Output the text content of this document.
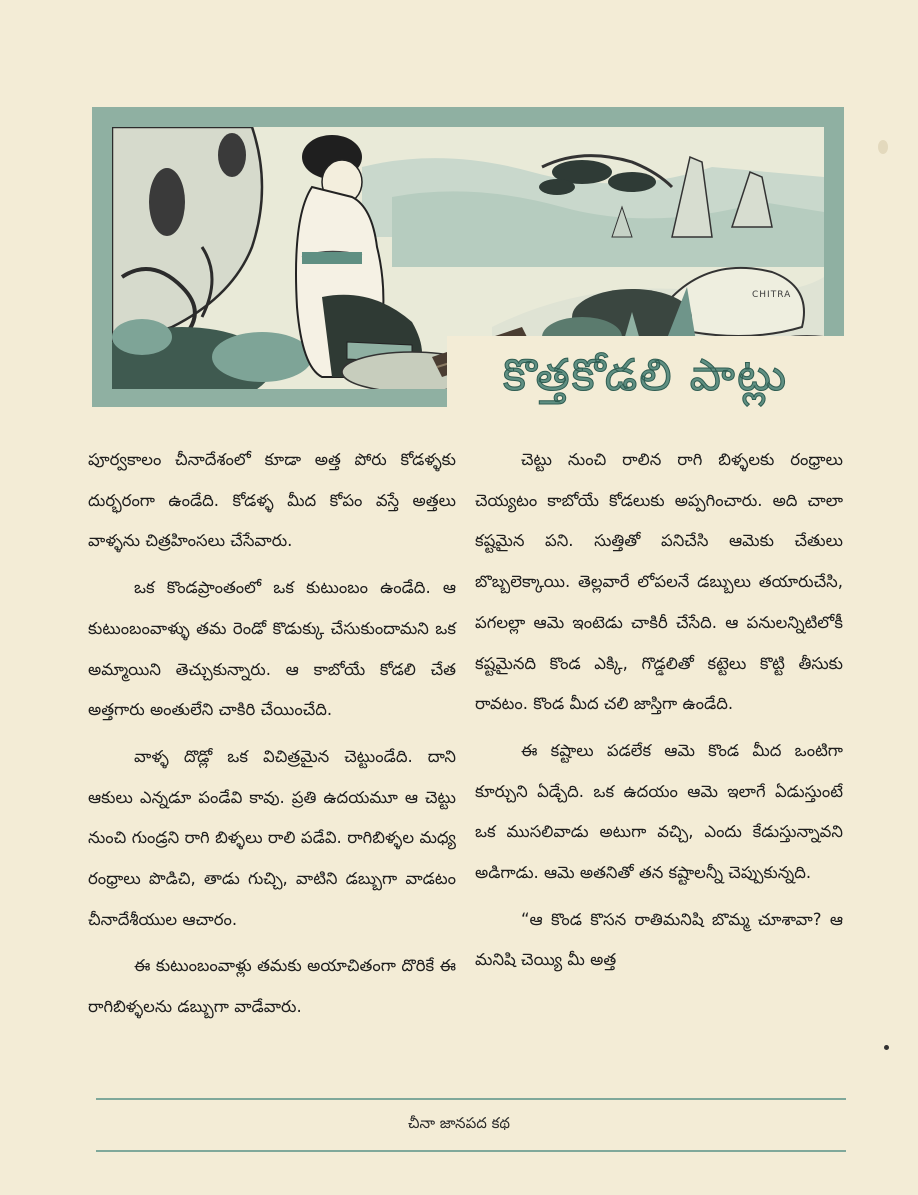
CHITRA
కొత్తకోడలి పాట్లు

పూర్వకాలం చీనాదేశంలో కూడా అత్త పోరు కోడళ్ళకు దుర్భరంగా ఉండేది. కోడళ్ళ మీద కోపం వస్తే అత్తలు వాళ్ళను చిత్రహింసలు చేసేవారు.

ఒక కొండప్రాంతంలో ఒక కుటుంబం ఉండేది. ఆ కుటుంబంవాళ్ళు తమ రెండో కొడుక్కు చేసుకుందామని ఒక అమ్మాయిని తెచ్చుకున్నారు. ఆ కాబోయే కోడలి చేత అత్తగారు అంతులేని చాకిరి చేయించేది.

వాళ్ళ దొడ్లో ఒక విచిత్రమైన చెట్టుండేది. దాని ఆకులు ఎన్నడూ పండేవి కావు. ప్రతి ఉదయమూ ఆ చెట్టు నుంచి గుండ్రని రాగి బిళ్ళలు రాలి పడేవి. రాగిబిళ్ళల మధ్య రంధ్రాలు పొడిచి, తాడు గుచ్చి, వాటిని డబ్బుగా వాడటం చీనాదేశీయుల ఆచారం.

ఈ కుటుంబంవాళ్లు తమకు అయాచితంగా దొరికే ఈ రాగిబిళ్ళలను డబ్బుగా వాడేవారు.

చెట్టు నుంచి రాలిన రాగి బిళ్ళలకు రంధ్రాలు చెయ్యటం కాబోయే కోడలుకు అప్పగించారు. అది చాలా కష్టమైన పని. సుత్తితో పనిచేసి ఆమెకు చేతులు బొబ్బలెక్కాయి. తెల్లవారే లోపలనే డబ్బులు తయారుచేసి, పగలల్లా ఆమె ఇంటెడు చాకిరీ చేసేది. ఆ పనులన్నిటిలోకీ కష్టమైనది కొండ ఎక్కి, గొడ్డలితో కట్టెలు కొట్టి తీసుకు రావటం. కొండ మీద చలి జాస్తిగా ఉండేది.

ఈ కష్టాలు పడలేక ఆమె కొండ మీద ఒంటిగా కూర్చుని ఏడ్చేది. ఒక ఉదయం ఆమె ఇలాగే ఏడుస్తుంటే ఒక ముసలివాడు అటుగా వచ్చి, ఎందు కేడుస్తున్నావని అడిగాడు. ఆమె అతనితో తన కష్టాలన్నీ చెప్పుకున్నది.

“ఆ కొండ కొసన రాతిమనిషి బొమ్మ చూశావా? ఆ మనిషి చెయ్యి మీ అత్త

చీనా జానపద కథ
